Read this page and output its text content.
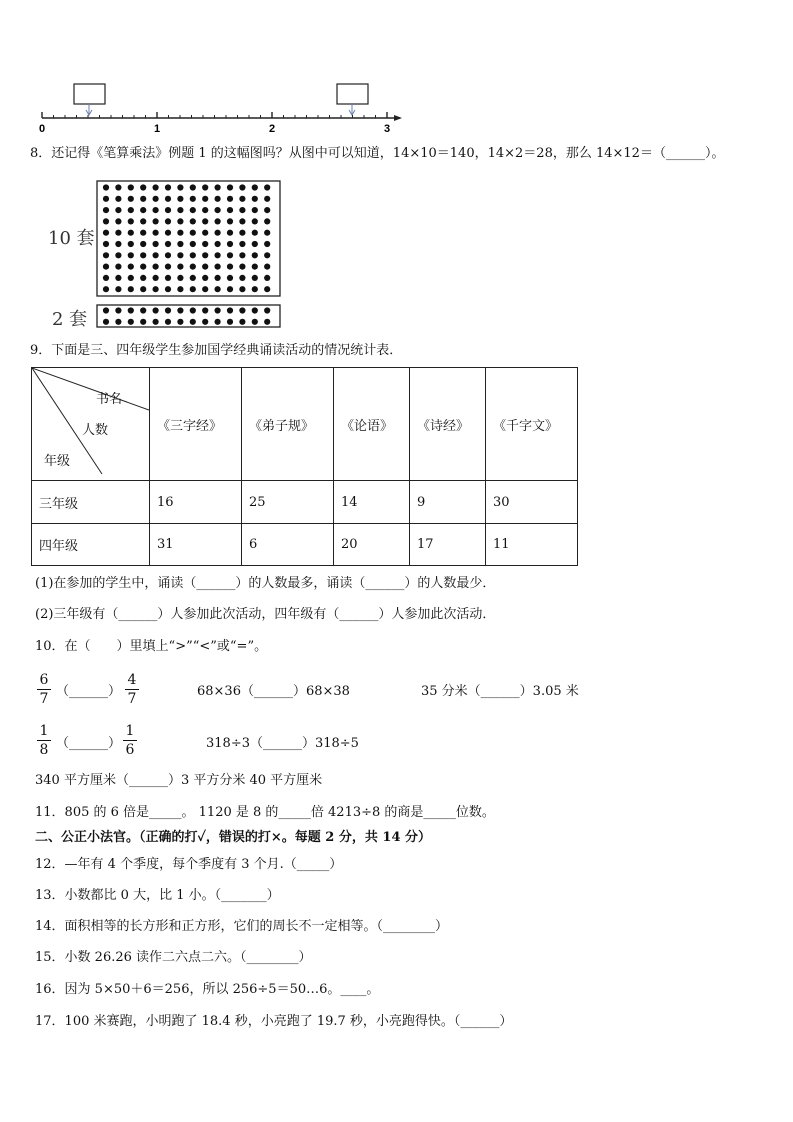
0	1	2	3
8．还记得《笔算乘法》例题 1 的这幅图吗？从图中可以知道，14×10＝140，14×2＝28，那么 14×12＝（______）。
10 套
2 套
9．下面是三、四年级学生参加国学经典诵读活动的情况统计表．
书名
人数
年级	《三字经》	《弟子规》	《论语》	《诗经》	《千字文》
三年级	16	25	14	9	30
四年级	31	6	20	17	11
(1)在参加的学生中，诵读（______）的人数最多，诵读（______）的人数最少．
(2)三年级有（______）人参加此次活动，四年级有（______）人参加此次活动．
10．在（　　）里填上“>”“<”或“=”。
6
7 （______）
4
7	68×36（______）68×38	35 分米（______）3.05 米
1
8 （______）
1
6	318÷3（______）318÷5
340 平方厘米（______）3 平方分米 40 平方厘米
11．805 的 6 倍是_____。 1120 是 8 的_____倍 4213÷8 的商是_____位数。
二、公正小法官。（正确的打✓，错误的打×。每题 2 分，共 14 分）
12．—年有 4 个季度，每个季度有 3 个月.（_____）
13．小数都比 0 大，比 1 小。（_______）
14．面积相等的长方形和正方形，它们的周长不一定相等。（________）
15．小数 26.26 读作二六点二六。（________）
16．因为 5×50＋6＝256，所以 256÷5＝50…6。____。
17．100 米赛跑，小明跑了 18.4 秒，小亮跑了 19.7 秒，小亮跑得快。（______）
